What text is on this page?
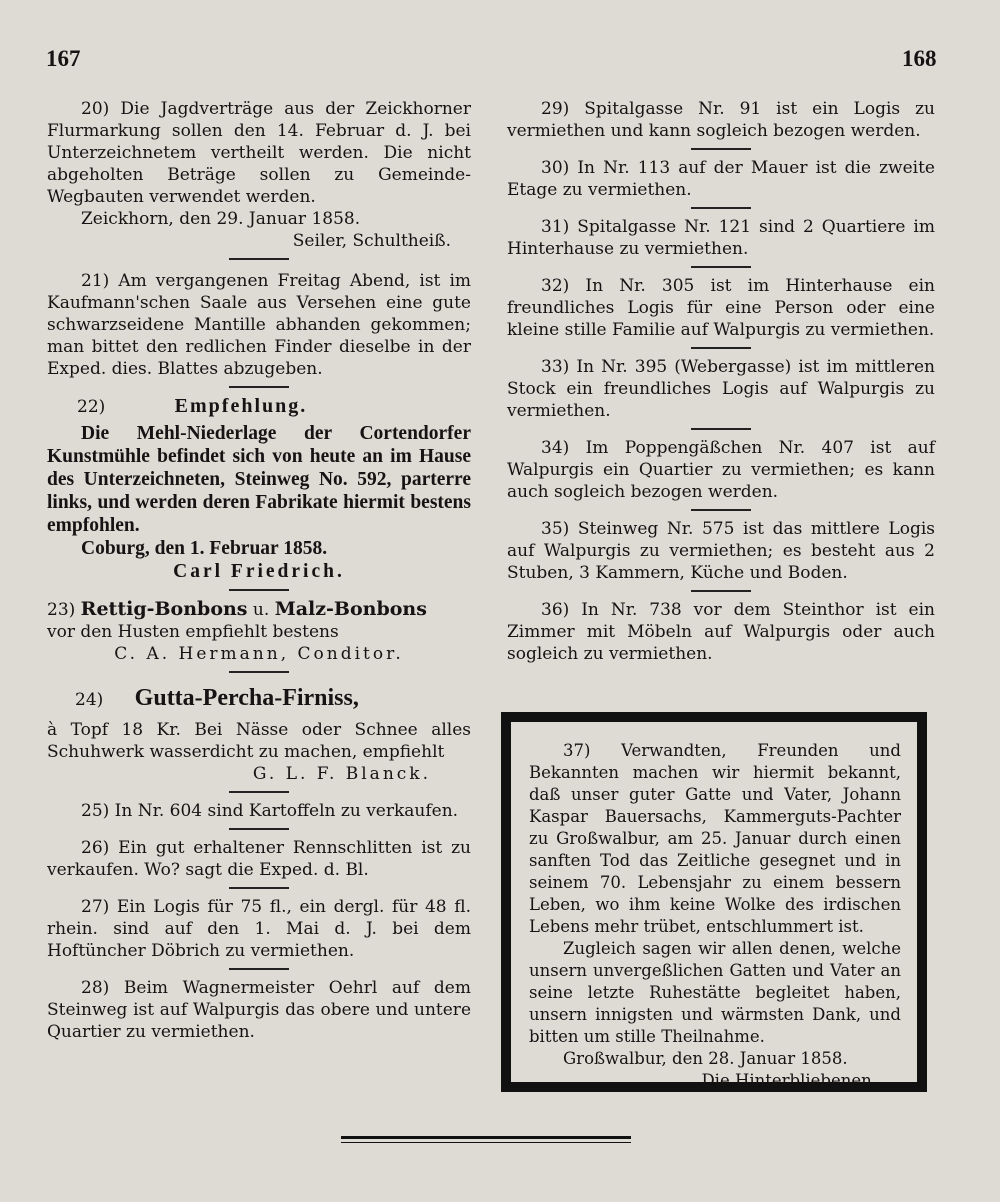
167	168

20) Die Jagdverträge aus der Zeickhorner Flurmarkung sollen den 14. Februar d. J. bei Unterzeichnetem vertheilt werden. Die nicht abgeholten Beträge sollen zu Gemeinde-Wegbauten verwendet werden.

Zeickhorn, den 29. Januar 1858.

Seiler, Schultheiß.

21) Am vergangenen Freitag Abend, ist im Kaufmann'schen Saale aus Versehen eine gute schwarzseidene Mantille abhanden gekommen; man bittet den redlichen Finder dieselbe in der Exped. dies. Blattes abzugeben.

22)	Empfehlung.

Die Mehl-Niederlage der Cortendorfer Kunstmühle befindet sich von heute an im Hause des Unterzeichneten, Steinweg No. 592, parterre links, und werden deren Fabrikate hiermit bestens empfohlen.

Coburg, den 1. Februar 1858.

Carl Friedrich.

23) Rettig-Bonbons u. Malz-Bonbons

vor den Husten empfiehlt bestens

C. A. Hermann, Conditor.

24) Gutta-Percha-Firniss,

à Topf 18 Kr. Bei Nässe oder Schnee alles Schuhwerk wasserdicht zu machen, empfiehlt

G. L. F. Blanck.

25) In Nr. 604 sind Kartoffeln zu verkaufen.

26) Ein gut erhaltener Rennschlitten ist zu verkaufen. Wo? sagt die Exped. d. Bl.

27) Ein Logis für 75 fl., ein dergl. für 48 fl. rhein. sind auf den 1. Mai d. J. bei dem Hoftüncher Döbrich zu vermiethen.

28) Beim Wagnermeister Oehrl auf dem Steinweg ist auf Walpurgis das obere und untere Quartier zu vermiethen.

29) Spitalgasse Nr. 91 ist ein Logis zu vermiethen und kann sogleich bezogen werden.

30) In Nr. 113 auf der Mauer ist die zweite Etage zu vermiethen.

31) Spitalgasse Nr. 121 sind 2 Quartiere im Hinterhause zu vermiethen.

32) In Nr. 305 ist im Hinterhause ein freundliches Logis für eine Person oder eine kleine stille Familie auf Walpurgis zu vermiethen.

33) In Nr. 395 (Webergasse) ist im mittleren Stock ein freundliches Logis auf Walpurgis zu vermiethen.

34) Im Poppengäßchen Nr. 407 ist auf Walpurgis ein Quartier zu vermiethen; es kann auch sogleich bezogen werden.

35) Steinweg Nr. 575 ist das mittlere Logis auf Walpurgis zu vermiethen; es besteht aus 2 Stuben, 3 Kammern, Küche und Boden.

36) In Nr. 738 vor dem Steinthor ist ein Zimmer mit Möbeln auf Walpurgis oder auch sogleich zu vermiethen.

37) Verwandten, Freunden und Bekannten machen wir hiermit bekannt, daß unser guter Gatte und Vater, Johann Kaspar Bauersachs, Kammerguts-Pachter zu Großwalbur, am 25. Januar durch einen sanften Tod das Zeitliche gesegnet und in seinem 70. Lebensjahr zu einem bessern Leben, wo ihm keine Wolke des irdischen Lebens mehr trübet, entschlummert ist.

Zugleich sagen wir allen denen, welche unsern unvergeßlichen Gatten und Vater an seine letzte Ruhestätte begleitet haben, unsern innigsten und wärmsten Dank, und bitten um stille Theilnahme.

Großwalbur, den 28. Januar 1858.

Die Hinterbliebenen.
